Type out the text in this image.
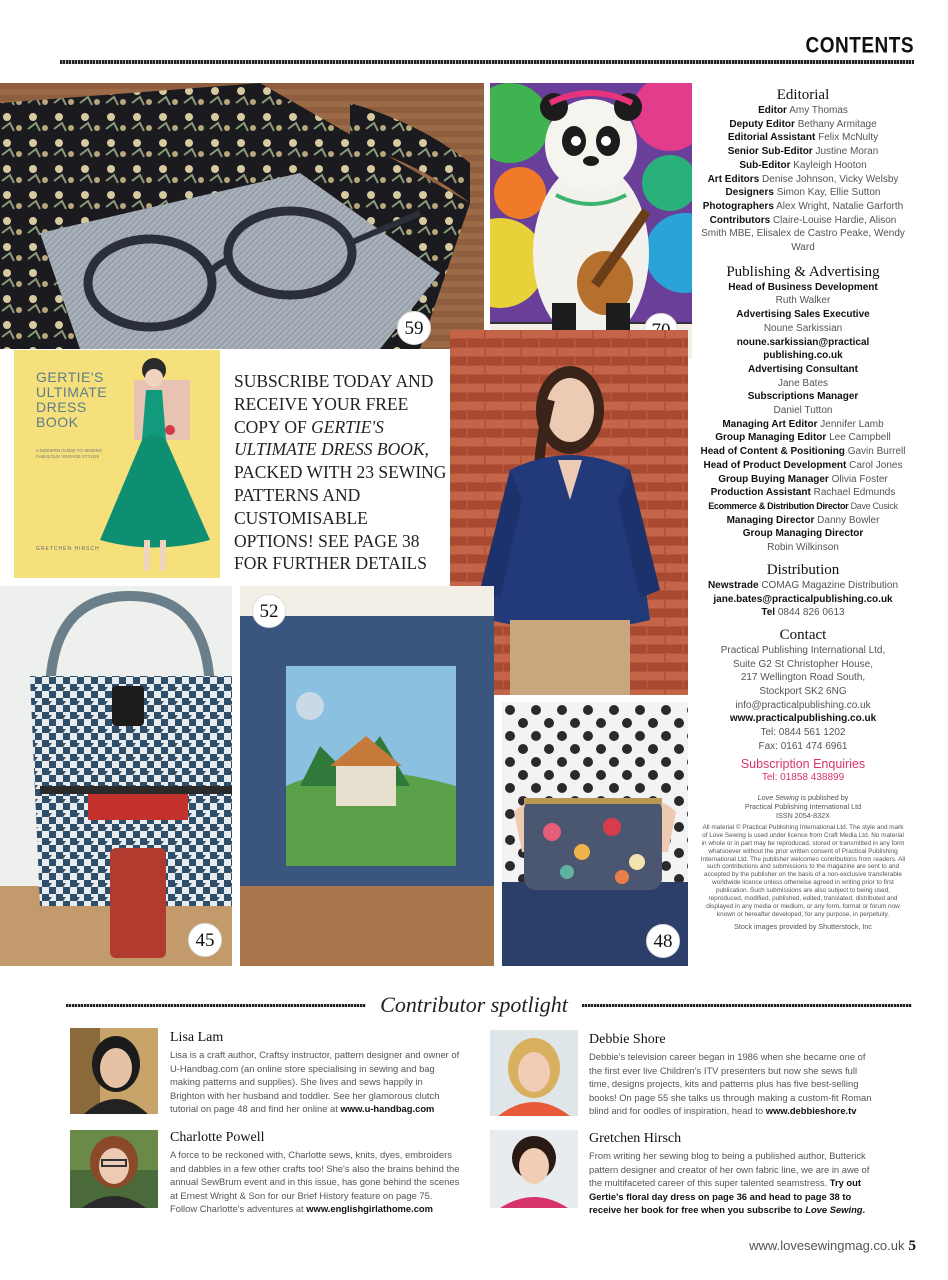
CONTENTS
59
GERTIE'S ULTIMATE DRESS BOOK
A MODERN GUIDE TO SEWING FABULOUS VINTAGE STYLES
GRETCHEN HIRSCH
SUBSCRIBE TODAY AND RECEIVE YOUR FREE COPY OF GERTIE'S ULTIMATE DRESS BOOK, PACKED WITH 23 SEWING PATTERNS AND CUSTOMISABLE OPTIONS! SEE PAGE 38 FOR FURTHER DETAILS
45
52
48
Editorial
Editor Amy Thomas
Deputy Editor Bethany Armitage
Editorial Assistant Felix McNulty
Senior Sub-Editor Justine Moran
Sub-Editor Kayleigh Hooton
Art Editors Denise Johnson, Vicky Welsby
Designers Simon Kay, Ellie Sutton
Photographers Alex Wright, Natalie Garforth
Contributors Claire-Louise Hardie, Alison Smith MBE, Elisalex de Castro Peake, Wendy Ward
Publishing & Advertising
Head of Business Development
Ruth Walker
Advertising Sales Executive
Noune Sarkissian
noune.sarkissian@practical publishing.co.uk
Advertising Consultant
Jane Bates
Subscriptions Manager
Daniel Tutton
Managing Art Editor Jennifer Lamb
Group Managing Editor Lee Campbell
Head of Content & Positioning Gavin Burrell
Head of Product Development Carol Jones
Group Buying Manager Olivia Foster
Production Assistant Rachael Edmunds
Ecommerce & Distribution Director Dave Cusick
Managing Director Danny Bowler
Group Managing Director
Robin Wilkinson
Distribution
Newstrade COMAG Magazine Distribution
jane.bates@practicalpublishing.co.uk
Tel 0844 826 0613
Contact
Practical Publishing International Ltd,
Suite G2 St Christopher House,
217 Wellington Road South,
Stockport SK2 6NG
info@practicalpublishing.co.uk
www.practicalpublishing.co.uk
Tel: 0844 561 1202
Fax: 0161 474 6961
Subscription Enquiries
Tel: 01858 438899
Love Sewing is published by
Practical Publishing International Ltd
ISSN 2054-832X
All material © Practical Publishing International Ltd. The style and mark of Love Sewing is used under licence from Craft Media Ltd. No material in whole or in part may be reproduced, stored or transmitted in any form whatsoever without the prior written consent of Practical Publishing International Ltd. The publisher welcomes contributions from readers. All such contributions and submissions to the magazine are sent to and accepted by the publisher on the basis of a non-exclusive transferable worldwide licence unless otherwise agreed in writing prior to first publication. Such submissions are also subject to being used, reproduced, modified, published, edited, translated, distributed and displayed in any media or medium, or any form, format or forum now known or hereafter developed, for any purpose, in perpetuity.
Stock images provided by Shutterstock, Inc
Contributor spotlight
Lisa Lam

Lisa is a craft author, Craftsy instructor, pattern designer and owner of U-Handbag.com (an online store specialising in sewing and bag making patterns and supplies). She lives and sews happily in Brighton with her husband and toddler. See her glamorous clutch tutorial on page 48 and find her online at www.u-handbag.com

Charlotte Powell

A force to be reckoned with, Charlotte sews, knits, dyes, embroiders and dabbles in a few other crafts too! She's also the brains behind the annual SewBrum event and in this issue, has gone behind the scenes at Ernest Wright & Son for our Brief History feature on page 75. Follow Charlotte's adventures at www.englishgirlathome.com

Debbie Shore

Debbie's television career began in 1986 when she became one of the first ever live Children's ITV presenters but now she sews full time, designs projects, kits and patterns plus has five best-selling books! On page 55 she talks us through making a custom-fit Roman blind and for oodles of inspiration, head to www.debbieshore.tv

Gretchen Hirsch

From writing her sewing blog to being a published author, Butterick pattern designer and creator of her own fabric line, we are in awe of the multifaceted career of this super talented seamstress. Try out Gertie's floral day dress on page 36 and head to page 38 to receive her book for free when you subscribe to Love Sewing.

www.lovesewingmag.co.uk 5
